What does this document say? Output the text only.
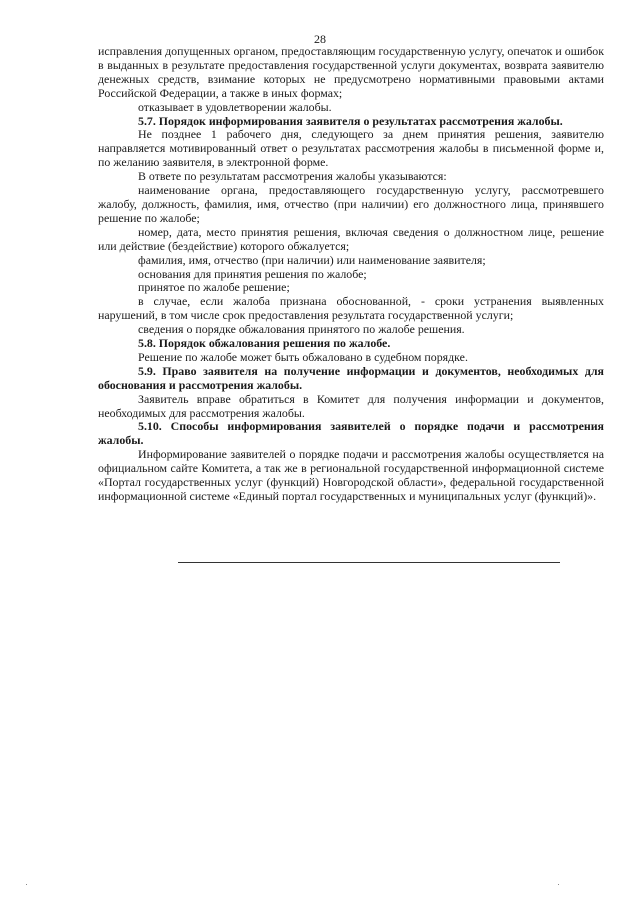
28

исправления допущенных органом, предоставляющим государственную услугу, опечаток и ошибок в выданных в результате предоставления государственной услуги документах, возврата заявителю денежных средств, взимание которых не предусмотрено нормативными правовыми актами Российской Федерации, а также в иных формах;

отказывает в удовлетворении жалобы.

5.7. Порядок информирования заявителя о результатах рассмотрения жалобы.

Не позднее 1 рабочего дня, следующего за днем принятия решения, заявителю направляется мотивированный ответ о результатах рассмотрения жалобы в письменной форме и, по желанию заявителя, в электронной форме.

В ответе по результатам рассмотрения жалобы указываются:

наименование органа, предоставляющего государственную услугу, рассмотревшего жалобу, должность, фамилия, имя, отчество (при наличии) его должностного лица, принявшего решение по жалобе;

номер, дата, место принятия решения, включая сведения о должностном лице, решение или действие (бездействие) которого обжалуется;

фамилия, имя, отчество (при наличии) или наименование заявителя;

основания для принятия решения по жалобе;

принятое по жалобе решение;

в случае, если жалоба признана обоснованной, - сроки устранения выявленных нарушений, в том числе срок предоставления результата государственной услуги;

сведения о порядке обжалования принятого по жалобе решения.

5.8. Порядок обжалования решения по жалобе.

Решение по жалобе может быть обжаловано в судебном порядке.

5.9. Право заявителя на получение информации и документов, необходимых для обоснования и рассмотрения жалобы.

Заявитель вправе обратиться в Комитет для получения информации и документов, необходимых для рассмотрения жалобы.

5.10. Способы информирования заявителей о порядке подачи и рассмотрения жалобы.

Информирование заявителей о порядке подачи и рассмотрения жалобы осуществляется на официальном сайте Комитета, а так же в региональной государственной информационной системе «Портал государственных услуг (функций) Новгородской области», федеральной государственной информационной системе «Единый портал государственных и муниципальных услуг (функций)».
